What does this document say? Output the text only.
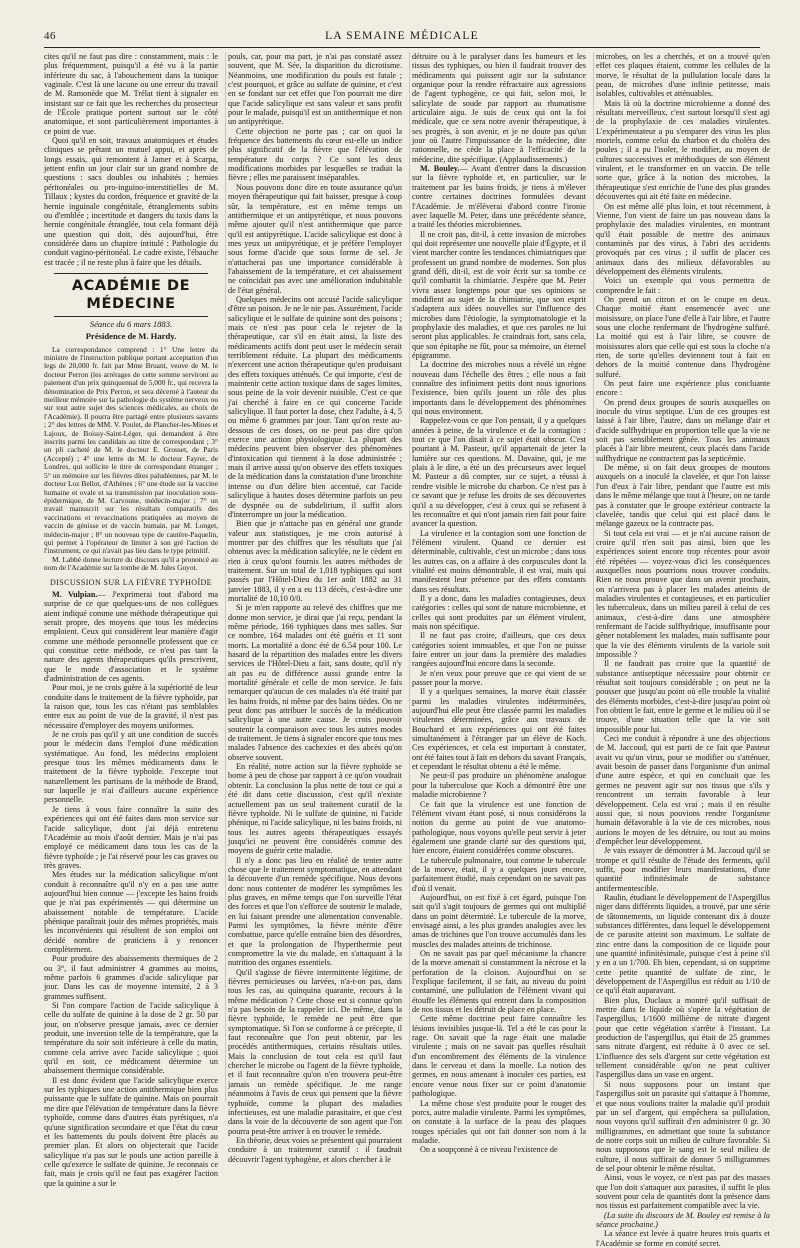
46	LA SEMAINE MÉDICALE

cites qu'il ne faut pas dire : constamment, mais : le plus fréquemment, puisqu'il a été vu à la partie inférieure du sac, à l'abouchement dans la tunique vaginale. C'est là une lacune ou une erreur du travail de M. Ramonède que M. Trélat tient à signaler en insistant sur ce fait que les recherches du prosecteur de l'École pratique portent surtout sur le côté anatomique, et sont particulièrement importantes à ce point de vue.

Quoi qu'il en soit, travaux anatomiques et études cliniques se prêtant un mutuel appui, et après de longs essais, qui remontent à Jamer et à Scarpa, jettent enfin un jour clair sur un grand nombre de questions : sacs doubles ou inhabités ; hernies péritonéales ou pro-inguino-interstitielles de M. Tillaux ; kystes du cordon, fréquence et gravité de la hernie inguinale congénitale, étranglements subits ou d'emblée ; incertitude et dangers du taxis dans la hernie congénitale étranglée, tout cela formant déjà une question qui doit, dès aujourd'hui, être considérée dans un chapitre intitulé : Pathologie du conduit vagino-péritonéal. Le cadre existe, l'ébauche est tracée ; il ne reste plus à faire que les détails.

ACADÉMIE DE MÉDECINE
Séance du 6 mars 1883.
Présidence de M. Hardy.

La correspondance comprend : 1° Une lettre du ministre de l'instruction publique portant acceptation d'un legs de 20,000 fr. fait par Mme Bruant, veuve de M. le docteur Perron (les arrérages de cette somme serviront au paiement d'un prix quinquennal de 5,000 fr., qui recevra la dénomination de Prix Perron, et sera décerné à l'auteur du meilleur mémoire sur la pathologie du système nerveux ou sur tout autre sujet des sciences médicales, au choix de l'Académie). Il pourra être partagé entre plusieurs savants ; 2° des lettres de MM. V. Poulet, de Plancher-les-Mines et Lajoux, de Boissy-Saint-Léger, qui demandent à être inscrits parmi les candidats au titre de correspondant ; 3° un pli cacheté de M. le docteur E. Grosset, de Paris (Accepté) ; 4° une lettre de M. le docteur Fayrer, de Londres, qui sollicite le titre de correspondant étranger ; 5° un mémoire sur les fièvres dites paludéennes, par M. le docteur Loz Bellot, d'Athènes ; 6° une étude sur la vaccine humaine et ovale et sa transmission par inoculation sous-épidermique, de M. Carvoune, médecin-major ; 7° un travail manuscrit sur les résultats comparatifs des vaccinations et revaccinations pratiquées au moyen de vaccin de génisse et de vaccin humain, par M. Longet, médecin-major ; 8° un nouveau type de cautère-Paquelin, qui permet à l'opérateur de limiter à son gré l'action de l'instrument, ce qui n'avait pas lieu dans le type primitif.

M. Labbé donne lecture du discours qu'il a prononcé au nom de l'Académie sur la tombe de M. Jules Guyot.

DISCUSSION SUR LA FIÈVRE TYPHOÏDE

M. Vulpian.— J'exprimerai tout d'abord ma surprise de ce que quelques-uns de nos collègues aient indiqué comme une méthode thérapeutique qui serait propre, des moyens que tous les médecins emploient. Ceux qui considèrent leur manière d'agir comme une méthode personnelle professent que ce qui constitue cette méthode, ce n'est pas tant la nature des agents thérapeutiques qu'ils prescrivent, que le mode d'association et le système d'administration de ces agents.

Pour moi, je ne crois guère à la supériorité de leur conduite dans le traitement de la fièvre typhoïde, par la raison que, tous les cas n'étant pas semblables entre eux au point de vue de la gravité, il n'est pas nécessaire d'employer des moyens uniformes.

Je ne crois pas qu'il y ait une condition de succès pour le médecin dans l'emploi d'une médication systématique. Au fond, les médecins emploient presque tous les mêmes médicaments dans le traitement de la fièvre typhoïde. J'excepte tout naturellement les partisans de la méthode de Brand, sur laquelle je n'ai d'ailleurs aucune expérience personnelle.

Je tiens à vous faire connaître la suite des expériences qui ont été faites dans mon service sur l'acide salicylique, dont j'ai déjà entretenu l'Académie au mois d'août dernier. Mais je n'ai pas employé ce médicament dans tous les cas de la fièvre typhoïde ; je l'ai réservé pour les cas graves ou très graves.

Mes études sur la médication salicylique m'ont conduit à reconnaître qu'il n'y en a pas une autre aujourd'hui bien connue — j'excepte les bains froids que je n'ai pas expérimentés — qui détermine un abaissement notable de température. L'acide phénique paraîtrait jouir des mêmes propriétés, mais les inconvénients qui résultent de son emploi ont décidé nombre de praticiens à y renoncer complètement.

Pour produire des abaissements thermiques de 2 ou 3°, il faut administrer 4 grammes au moins, même parfois 6 grammes d'acide salicylique par jour. Dans les cas de moyenne intensité, 2 à 3 grammes suffisent.

Si l'on compare l'action de l'acide salicylique à celle du sulfate de quinine à la dose de 2 gr. 50 par jour, on n'observe presque jamais, avec ce dernier produit, une inversion telle de la température, que la température du soir soit inférieure à celle du matin, comme cela arrive avec l'acide salicylique ; quoi qu'il en soit, ce médicament détermine un abaissement thermique considérable.

Il est donc évident que l'acide salicylique exerce sur les typhiques une action antithermique bien plus puissante que le sulfate de quinine. Mais on pourrait me dire que l'élévation de température dans la fièvre typhoïde, comme dans d'autres états pyrétiques, n'a qu'une signification secondaire et que l'état du cœur et les battements du pouls doivent être placés au premier plan. Et alors on objecterait que l'acide salicylique n'a pas sur le pouls une action pareille à celle qu'exerce le sulfate de quinine. Je reconnais ce fait, mais je crois qu'il ne faut pas exagérer l'action que la quinine a sur le

pouls, car, pour ma part, je n'ai pas constaté assez souvent, que M. Sée, la disparition du dicrotisme. Néanmoins, une modification du pouls est fatale ; c'est pourquoi, et grâce au sulfate de quinine, et c'est en se fondant sur cet effet que l'on pourrait me dire que l'acide salicylique est sans valeur et sans profit pour le malade, puisqu'il est un antithermique et non un antipyrétique.

Cette objection ne porte pas ; car on quoi la fréquence des battements du cœur est-elle un indice plus significatif de la fièvre que l'élévation de température du corps ? Ce sont les deux modifications morbides par lesquelles se traduit la fièvre ; elles me paraissent inséparables.

Nous pouvons donc dire en toute assurance qu'un moyen thérapeutique qui fait baisser, presque à coup sûr, la température, est en même temps un antithermique et un antipyrétique, et nous pouvons même ajouter qu'il n'est antithermique que parce qu'il est antipyrétique. L'acide salicylique est donc à mes yeux un antipyrétique, et je préfère l'employer sous forme d'acide que sous forme de sel. Je n'attacherai pas une importance considérable à l'abaissement de la température, et cet abaissement ne coïncidait pas avec une amélioration indubitable de l'état général.

Quelques médecins ont accusé l'acide salicylique d'être un poison. Je ne le nie pas. Assurément, l'acide salicylique et le sulfate de quinine sont des poisons ; mais ce n'est pas pour cela le rejeter de la thérapeutique, car s'il en était ainsi, la liste des médicaments actifs dont peut user le médecin serait terriblement réduite. La plupart des médicaments n'exercent une action thérapeutique qu'en produisant des effets toxiques atténués. Ce qui importe, c'est de maintenir cette action toxique dans de sages limites, sous peine de la voir devenir nuisible. C'est ce que j'ai cherché à faire en ce qui concerne l'acide salicylique. Il faut porter la dose, chez l'adulte, à 4, 5 ou même 6 grammes par jour. Tant qu'on reste au-dessous de ces doses, on ne peut pas dire qu'on exerce une action physiologique. La plupart des médecins peuvent bien observer des phénomènes d'intoxication qui tiennent à la dose administrée ; mais il arrive aussi qu'on observe des effets toxiques de la médication dans la constatation d'une bronchite intense ou d'un délire bien accentué, car l'acide salicylique à hautes doses détermine parfois un peu de dyspnée ou de subdelirium, il suffit alors d'interrompre un jour la médication.

Bien que je n'attache pas en général une grande valeur aux statistiques, je me crois autorisé à montrer par des chiffres que les résultats que j'ai obtenus avec la médication salicylée, ne le cèdent en rien à ceux qu'ont fournis les autres méthodes de traitement. Sur un total de 1,018 typhiques qui sont passés par l'Hôtel-Dieu du 1er août 1882 au 31 janvier 1883, il y en a eu 113 décès, c'est-à-dire une mortalité de 10,10 0/0.

Si je m'en rapporte au relevé des chiffres que me donne mon service, je dirai que j'ai reçu, pendant la même période, 166 typhiques dans mes salles. Sur ce nombre, 164 malades ont été guéris et 11 sont morts. La mortalité a donc été de 6.54 pour 100. Le hasard de la répartition des malades entre les divers services de l'Hôtel-Dieu a fait, sans doute, qu'il n'y ait pas eu de différence aussi grande entre la mortalité générale et celle de mon service. Je fais remarquer qu'aucun de ces malades n'a été traité par les bains froids, ni même par des bains tièdes. On ne peut donc pas attribuer le succès de la médication salicylique à une autre cause. Je crois pouvoir soutenir la comparaison avec tous les autres modes de traitement. Je tiens à signaler encore que tous mes malades l'absence des cachexies et des abcès qu'on observe souvent.

En réalité, notre action sur la fièvre typhoïde se borne à peu de chose par rapport à ce qu'on voudrait obtenir. La conclusion la plus nette de tout ce qui a été dit dans cette discussion, c'est qu'il n'existe actuellement pas un seul traitement curatif de la fièvre typhoïde. Ni le sulfate de quinine, ni l'acide phénique, ni l'acide salicylique, ni les bains froids, ni tous les autres agents thérapeutiques essayés jusqu'ici ne peuvent être considérés comme des moyens de guérir cette maladie.

Il n'y a donc pas lieu en réalité de tenter autre chose que le traitement symptomatique, en attendant la découverte d'un remède spécifique. Nous devons donc nous contenter de modérer les symptômes les plus graves, en même temps que l'on surveille l'état des forces et que l'on s'efforce de soutenir le malade, en lui faisant prendre une alimentation convenable. Parmi les symptômes, la fièvre mérite d'être combattue, parce qu'elle entraîne bien des désordres, et que la prolongation de l'hyperthermie peut compromettre la vie du malade, en s'attaquant à la nutrition des organes essentiels.

Qu'il s'agisse de fièvre intermittente légitime, de fièvres pernicieuses ou larvées, n'a-t-on pas, dans tous les cas, au quinquina quarante, recours à la même médication ? Cette chose est si connue qu'on n'a pas besoin de la rappeler ici. De même, dans la fièvre typhoïde, le remède ne peut être que symptomatique. Si l'on se conforme à ce précepte, il faut reconnaître que l'on peut obtenir, par les procédés antithermiques, certains résultats utiles. Mais la conclusion de tout cela est qu'il faut chercher le microbe ou l'agent de la fièvre typhoïde, et il faut reconnaître qu'on n'en trouvera peut-être jamais un remède spécifique. Je me range néanmoins à l'avis de ceux qui pensent que la fièvre typhoïde, comme la plupart des maladies infectieuses, est une maladie parasitaire, et que c'est dans la voie de la découverte de son agent que l'on pourra peut-être arriver à en trouver le remède.

En théorie, deux voies se présentent qui pourraient conduire à un traitement curatif : il faudrait découvrir l'agent typhogène, et alors chercher à le

détruire ou à le paralyser dans les humeurs et les tissus des typhiques, ou bien il faudrait trouver des médicaments qui puissent agir sur la substance organique pour la rendre réfractaire aux agressions de l'agent typhogène, ce qui fait, selon moi, le salicylate de soude par rapport au rhumatisme articulaire aigu. Je suis de ceux qui ont la foi médicale, que ce sera notre avenir thérapeutique, à ses progrès, à son avenir, et je ne doute pas qu'un jour où l'autre l'impuissance de la médecine, dite rationnelle, ne cède la place à l'efficacité de la médecine, dite spécifique. (Applaudissements.)

M. Bouley.— Avant d'entrer dans la discussion sur la fièvre typhoïde et, en particulier, sur le traitement par les bains froids, je tiens à m'élever contre certaines doctrines formulées devant l'Académie. Je m'élèverai d'abord contre l'ironie avec laquelle M. Peter, dans une précédente séance, a traité les théories microbiennes.

Il ne croit pas, dit-il, à cette invasion de microbes qui doit représenter une nouvelle plaie d'Égypte, et il vient marcher contre les tendances chimiatriques que professent un grand nombre de modernes. Son plus grand défi, dit-il, est de voir écrit sur sa tombe ce qu'il combattit la chimiatrie. J'espère que M. Peter vivra assez longtemps pour que ses opinions se modifient au sujet de la chimiatrie, que son esprit s'adaptera aux idées nouvelles sur l'influence des microbes dans l'étiologie, la symptomatologie et la prophylaxie des maladies, et que ces paroles ne lui seront plus applicables. Je craindrais fort, sans cela, que son épitaphe ne fût, pour sa mémoire, un éternel épigramme.

La doctrine des microbes nous a révélé un règne nouveau dans l'échelle des êtres ; elle nous a fait connaître des infiniment petits dont nous ignorions l'existence, bien qu'ils jouent un rôle des plus importants dans le développement des phénomènes qui nous environnent.

Rappelez-vous ce que l'on pensait, il y a quelques années à peine, de la virulence et de la contagion : tout ce que l'on disait à ce sujet était obscur. C'est pourtant à M. Pasteur, qu'il appartenait de jeter la lumière sur ces questions. M. Davaine, qui, je me plais à le dire, a été un des précurseurs avec lequel M. Pasteur a dû compter, sur ce sujet, a réussi à rendre visible le microbe du charbon. Ce n'est pas à ce savant que je refuse les droits de ses découvertes qu'il a su développer, c'est à ceux qui se refusent à les reconnaître et qui n'ont jamais rien fait pour faire avancer la question.

La virulence et la contagion sont une fonction de l'élément virulent. Quand ce dernier est déterminable, cultivable, c'est un microbe ; dans tous les autres cas, on a affaire à des corpuscules dont la vitalité est moins démontrable, il est vrai, mais qui manifestent leur présence par des effets constants dans ses résultats.

Il y a donc, dans les maladies contagieuses, deux catégories : celles qui sont de nature microbienne, et celles qui sont produites par un élément virulent, mais non spécifique.

Il ne faut pas croire, d'ailleurs, que ces deux catégories soient immuables, et que l'on ne puisse faire entrer un jour dans la première des maladies rangées aujourd'hui encore dans la seconde.

Je n'en veux pour preuve que ce qui vient de se passer pour la morve.

Il y a quelques semaines, la morve était classée parmi les maladies virulentes indéterminées, aujourd'hui elle peut être classée parmi les maladies virulentes déterminées, grâce aux travaux de Bouchard et aux expériences qui ont été faites simultanément à l'étranger par un élève de Koch. Ces expériences, et cela est important à constater, ont été faites tout à fait en dehors du savant Français, et cependant le résultat obtenu a été le même.

Ne peut-il pas produire un phénomène analogue pour la tuberculose que Koch a démontré être une maladie microbienne ?

Ce fait que la virulence est une fonction de l'élément vivant étant posé, si nous considérons la notion du germe au point de vue anatomo-pathologique, nous voyons qu'elle peut servir à jeter également une grande clarté sur des questions qui, hier encore, étaient considérées comme obscures.

Le tubercule pulmonaire, tout comme le tubercule de la morve, était, il y a quelques jours encore, parfaitement étudié, mais cependant on ne savait pas d'où il venait.

Aujourd'hui, on est fixé à cet égard, puisque l'on sait qu'il s'agit toujours de germes qui ont multiplié dans un point déterminé. Le tubercule de la morve, envisagé ainsi, a les plus grandes analogies avec les amas de trichines que l'on trouve accumulés dans les muscles des malades atteints de trichinose.

On ne savait pas par quel mécanisme la chancre de la morve amenait si constamment la nécrose et la perforation de la cloison. Aujourd'hui on se l'explique facilement, il se fait, au niveau du point contaminé, une pullulation de l'élément vivant qui étouffe les éléments qui entrent dans la composition de nos tissus et les détruit de place en place.

Cette même doctrine peut faire connaître les lésions invisibles jusque-là. Tel a été le cas pour la rage. On savait que la rage était une maladie virulente ; mais on ne savait pas quelles résultait d'un encombrement des éléments de la virulence dans le cerveau et dans la moelle. La notion des germes, en nous amenant à inoculer ces parties, est encore venue nous fixer sur ce point d'anatomie pathologique.

La même chose s'est produite pour le rouget des porcs, autre maladie virulente. Parmi les symptômes, on constate à la surface de la peau des plaques rouges spéciales qui ont fait donner son nom à la maladie.

On a soupçonné à ce niveau l'existence de

microbes, on les a cherchés, et on a trouvé qu'en effet ces plaques étaient, comme les cellules de la morve, le résultat de la pullulation locale dans la peau, de microbes d'une infinie petitesse, mais isolables, cultivables et atténuables.

Mais là où la doctrine microbienne a donné des résultats merveilleux, c'est surtout lorsqu'il s'est agi de la prophylaxie de ces maladies virulentes. L'expérimentateur a pu s'emparer des virus les plus mortels, comme celui du charbon et du choléra des poules ; il a pu l'isoler, le modifier, au moyen de cultures successives et méthodiques de son élément virulent, et le transformer en un vaccin. De telle sorte que, grâce à la notion des microbes, la thérapeutique s'est enrichie de l'une des plus grandes découvertes qui ait été faite en médecine.

On est même allé plus loin, et tout récemment, à Vienne, l'on vient de faire un pas nouveau dans la prophylaxie des maladies virulentes, en montrant qu'il était possible de mettre des animaux contaminés par des virus, à l'abri des accidents provoqués par ces virus ; il suffit de placer ces animaux dans des milieux défavorables au développement des éléments virulents.

Voici un exemple qui vous permettra de comprendre le fait :

On prend un citron et on le coupe en deux. Chaque moitié étant ensemencée avec une moisissure, on place l'une d'elle à l'air libre, et l'autre sous une cloche renfermant de l'hydrogène sulfuré. La moitié qui est à l'air libre, se couvre de moisissures alors que celle qui est sous la cloche n'a rien, de sorte qu'elles deviennent tout à fait en dehors de la moitié contenue dans l'hydrogène sulfuré.

On peut faire une expérience plus concluante encore :

On prend deux groupes de souris auxquelles on inocule du virus septique. L'un de ces groupes est laissé à l'air libre, l'autre, dans un mélange d'air et d'acide sulfhydrique en proportion telle que la vie ne soit pas sensiblement gênée. Tous les animaux placés à l'air libre meurent, ceux placés dans l'acide sulfhydrique ne contractent pas la septicémie.

De même, si on fait deux groupes de moutons auxquels on a inoculé la clavelée, et que l'on laisse l'un d'eux à l'air libre, pendant que l'autre est mis dans le même mélange que tout à l'heure, on ne tarde pas à constater que le groupe extérieur contracte la clavelée, tandis que celui qui est placé dans le mélange gazeux ne la contracte pas.

Si tout cela est vrai — et je n'ai aucune raison de croire qu'il n'en soit pas ainsi, bien que les expériences soient encore trop récentes pour avoir été répétées — voyez-vous d'ici les conséquences auxquelles nous pourrions nous trouver conduits. Rien ne nous prouve que dans un avenir prochain, on n'arrivera pas à placer les malades atteints de maladies virulentes et contagieuses, et en particulier les tuberculeux, dans un milieu pareil à celui de ces animaux, c'est-à-dire dans une atmosphère renfermant de l'acide sulfhydrique, insuffisante pour gêner notablement les malades, mais suffisante pour que la vie des éléments virulents de la variole soit impossible ?

Il ne faudrait pas croire que la quantité de substance antiseptique nécessaire pour obtenir ce résultat soit toujours considérable ; on peut ne la pousser que jusqu'au point où elle trouble la vitalité des éléments morbides, c'est-à-dire jusqu'au point où l'on obtient le fait, entre le germe et le milieu où il se trouve, d'une situation telle que la vie soit impossible pour lui.

Ceci me conduit à répondre à une des objections de M. Jaccoud, qui est parti de ce fait que Pasteur avait vu qu'un virus, pour se modifier ou s'atténuer, avait besoin de passer dans l'organisme d'un animal d'une autre espèce, et qui en concluait que les germes ne peuvent agir sur nos tissus que s'ils y rencontrent un terrain favorable à leur développement. Cela est vrai ; mais il en résulte aussi que, si nous pouvions rendre l'organisme humain défavorable à la vie de ces microbes, nous aurions le moyen de les détruire, ou tout au moins d'empêcher leur développement.

Je vais essayer de démontrer à M. Jaccoud qu'il se trompe et qu'il résulte de l'étude des ferments, qu'il suffit, pour modifier leurs manifestations, d'une quantité infinitésimale de substance antifermentescible.

Raulin, étudiant le développement de l'Aspergillus niger dans différents liquides, a trouvé, par une série de tâtonnements, un liquide contenant dix à douze substances différentes, dans lequel le développement de ce parasite atteint son maximum. Le sulfate de zinc entre dans la composition de ce liquide pour une quantité infinitésimale, puisque c'est à peine s'il y en a un 1/700. Eh bien, cependant, si on supprime cette petite quantité de sulfate de zinc, le développement de l'Aspergillus est réduit au 1/10 de ce qu'il était auparavant.

Bien plus, Duclaux a montré qu'il suffisait de mettre dans le liquide où s'opère la végétation de l'aspergillus, 1/1600 millième de nitrate d'argent pour que cette végétation s'arrête à l'instant. La production de l'aspergillus, qui était de 25 grammes sans nitrate d'argent, est réduite à 0 avec ce sel. L'influence des sels d'argent sur cette végétation est tellement considérable qu'on ne peut cultiver l'aspergillus dans un vase en argent.

Si nous supposons pour un instant que l'aspergillus soit un parasite qui s'attaque à l'homme, et que nous voulions traiter la maladie qu'il produit par un sel d'argent, qui empêchera sa pullulation, nous voyons qu'il suffirait d'en administrer 0 gr. 30 milligrammes, en admettant que toute la substance de notre corps soit un milieu de culture favorable. Si nous supposons que le sang est le seul milieu de culture, il nous suffirait de donner 5 milligrammes de sel pour obtenir le même résultat.

Ainsi, vous le voyez, ce n'est pas par des masses que l'on doit s'attaquer aux parasites, il suffit le plus souvent pour cela de quantités dont la présence dans nos tissus est parfaitement compatible avec la vie.

(La suite du discours de M. Bouley est remise à la séance prochaine.)

La séance est levée à quatre heures trois quarts et l'Académie se forme en comité secret.
